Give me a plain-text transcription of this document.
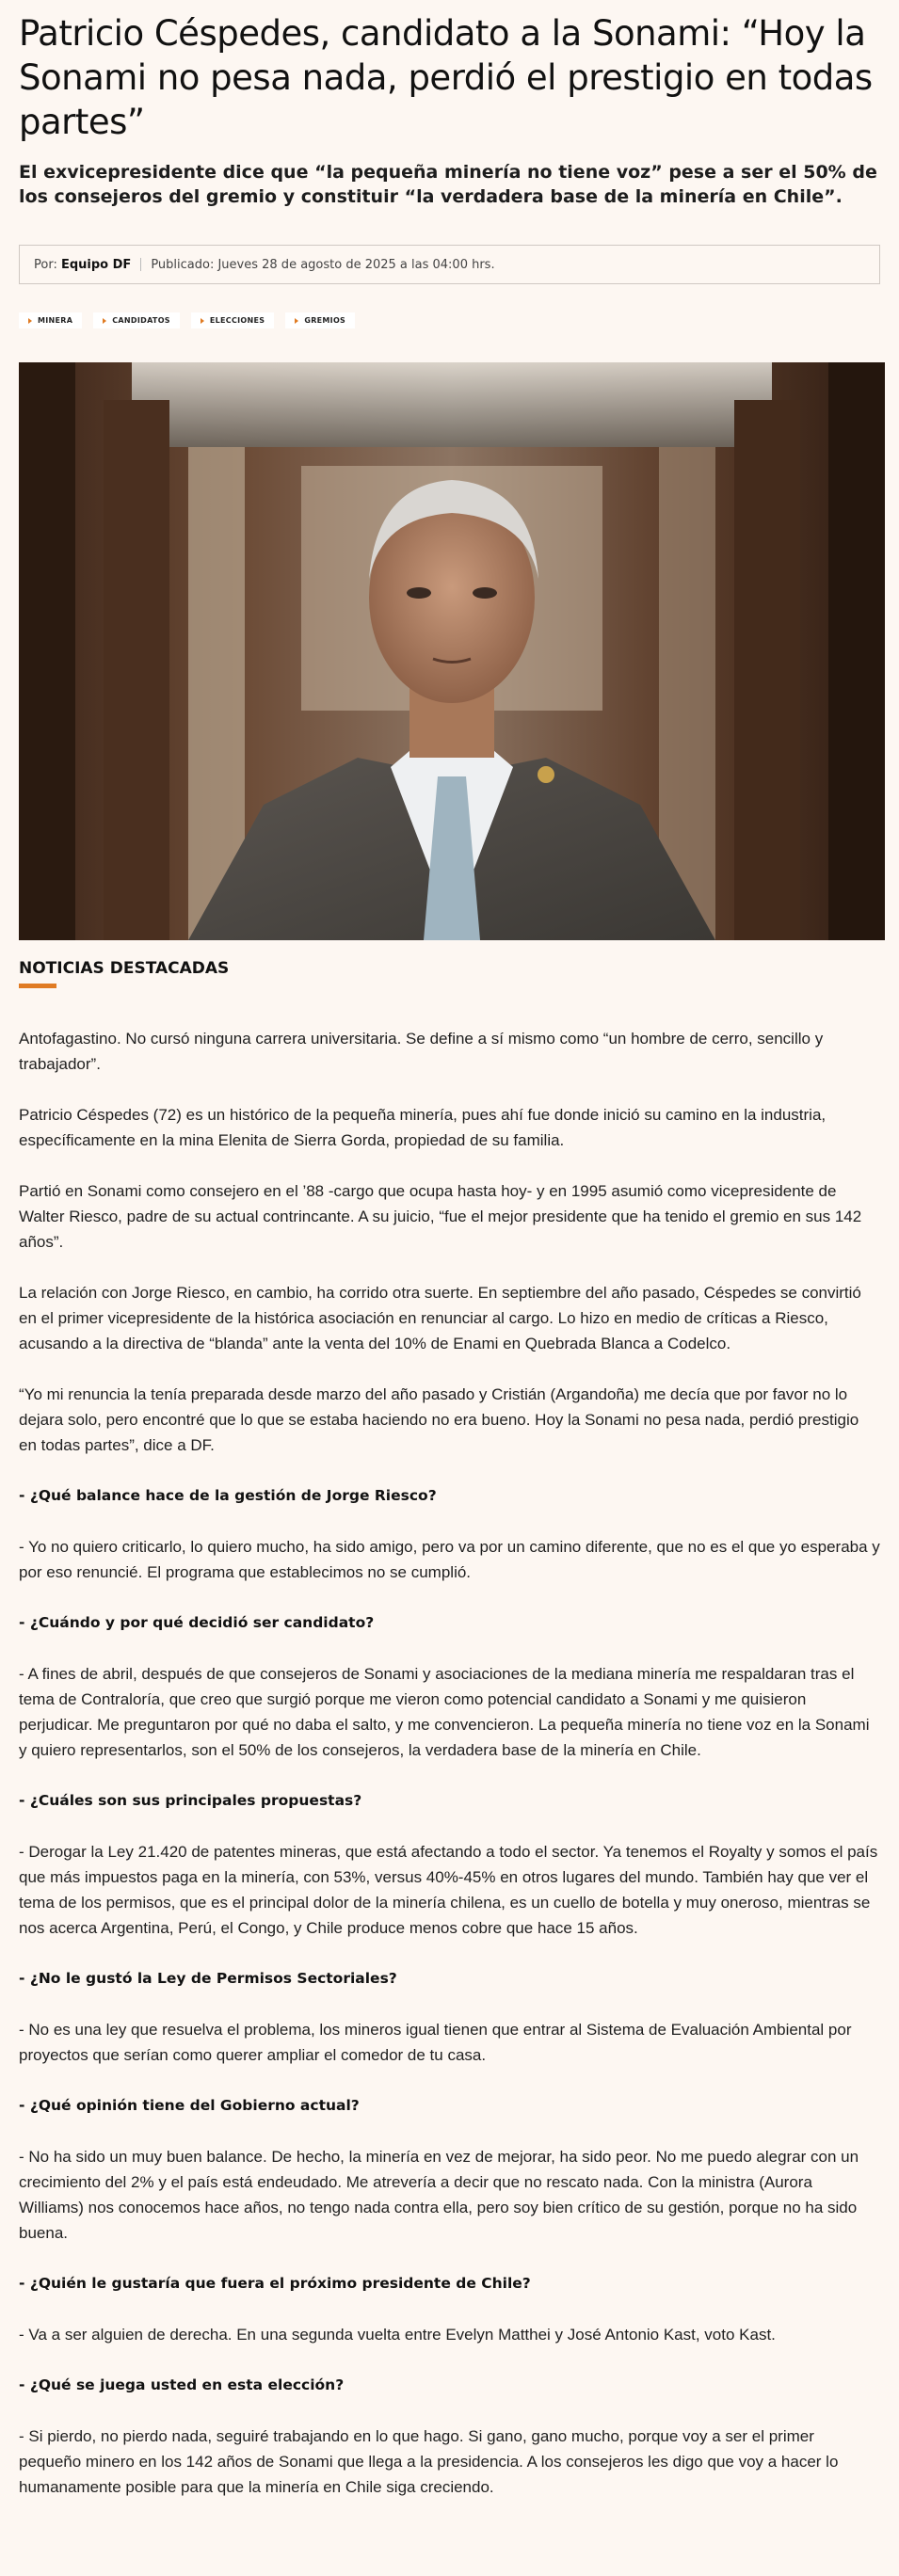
Patricio Céspedes, candidato a la Sonami: “Hoy la Sonami no pesa nada, perdió el prestigio en todas partes”

El exvicepresidente dice que “la pequeña minería no tiene voz” pese a ser el 50% de los consejeros del gremio y constituir “la verdadera base de la minería en Chile”.

Por:
Equipo DF Publicado: Jueves 28 de agosto de 2025 a las 04:00 hrs.
MINERA	CANDIDATOS	ELECCIONES	GREMIOS
NOTICIAS DESTACADAS

Antofagastino. No cursó ninguna carrera universitaria. Se define a sí mismo como “un hombre de cerro, sencillo y trabajador”.

Patricio Céspedes (72) es un histórico de la pequeña minería, pues ahí fue donde inició su camino en la industria, específicamente en la mina Elenita de Sierra Gorda, propiedad de su familia.

Partió en Sonami como consejero en el ’88 -cargo que ocupa hasta hoy- y en 1995 asumió como vicepresidente de Walter Riesco, padre de su actual contrincante. A su juicio, “fue el mejor presidente que ha tenido el gremio en sus 142 años”.

La relación con Jorge Riesco, en cambio, ha corrido otra suerte. En septiembre del año pasado, Céspedes se convirtió en el primer vicepresidente de la histórica asociación en renunciar al cargo. Lo hizo en medio de críticas a Riesco, acusando a la directiva de “blanda” ante la venta del 10% de Enami en Quebrada Blanca a Codelco.

“Yo mi renuncia la tenía preparada desde marzo del año pasado y Cristián (Argandoña) me decía que por favor no lo dejara solo, pero encontré que lo que se estaba haciendo no era bueno. Hoy la Sonami no pesa nada, perdió prestigio en todas partes”, dice a DF.

- ¿Qué balance hace de la gestión de Jorge Riesco?

- Yo no quiero criticarlo, lo quiero mucho, ha sido amigo, pero va por un camino diferente, que no es el que yo esperaba y por eso renuncié. El programa que establecimos no se cumplió.

- ¿Cuándo y por qué decidió ser candidato?

- A fines de abril, después de que consejeros de Sonami y asociaciones de la mediana minería me respaldaran tras el tema de Contraloría, que creo que surgió porque me vieron como potencial candidato a Sonami y me quisieron perjudicar. Me preguntaron por qué no daba el salto, y me convencieron. La pequeña minería no tiene voz en la Sonami y quiero representarlos, son el 50% de los consejeros, la verdadera base de la minería en Chile.

- ¿Cuáles son sus principales propuestas?

- Derogar la Ley 21.420 de patentes mineras, que está afectando a todo el sector. Ya tenemos el Royalty y somos el país que más impuestos paga en la minería, con 53%, versus 40%-45% en otros lugares del mundo. También hay que ver el tema de los permisos, que es el principal dolor de la minería chilena, es un cuello de botella y muy oneroso, mientras se nos acerca Argentina, Perú, el Congo, y Chile produce menos cobre que hace 15 años.

- ¿No le gustó la Ley de Permisos Sectoriales?

- No es una ley que resuelva el problema, los mineros igual tienen que entrar al Sistema de Evaluación Ambiental por proyectos que serían como querer ampliar el comedor de tu casa.

- ¿Qué opinión tiene del Gobierno actual?

- No ha sido un muy buen balance. De hecho, la minería en vez de mejorar, ha sido peor. No me puedo alegrar con un crecimiento del 2% y el país está endeudado. Me atrevería a decir que no rescato nada. Con la ministra (Aurora Williams) nos conocemos hace años, no tengo nada contra ella, pero soy bien crítico de su gestión, porque no ha sido buena.

- ¿Quién le gustaría que fuera el próximo presidente de Chile?

- Va a ser alguien de derecha. En una segunda vuelta entre Evelyn Matthei y José Antonio Kast, voto Kast.

- ¿Qué se juega usted en esta elección?

- Si pierdo, no pierdo nada, seguiré trabajando en lo que hago. Si gano, gano mucho, porque voy a ser el primer pequeño minero en los 142 años de Sonami que llega a la presidencia. A los consejeros les digo que voy a hacer lo humanamente posible para que la minería en Chile siga creciendo.
